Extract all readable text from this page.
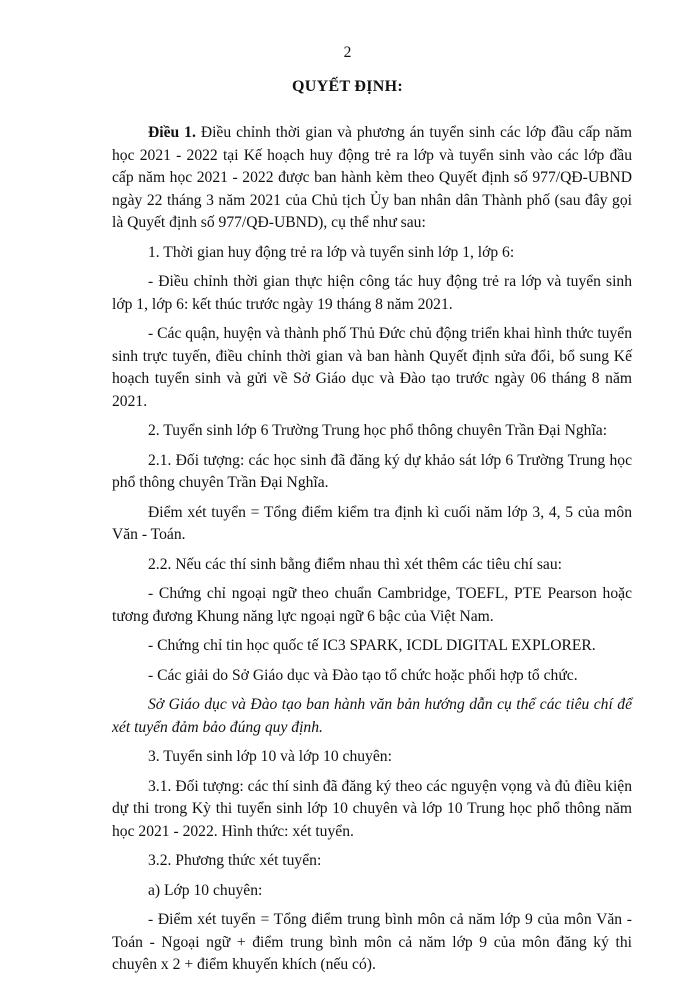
2
QUYẾT ĐỊNH:

Điều 1. Điều chỉnh thời gian và phương án tuyển sinh các lớp đầu cấp năm học 2021 - 2022 tại Kế hoạch huy động trẻ ra lớp và tuyển sinh vào các lớp đầu cấp năm học 2021 - 2022 được ban hành kèm theo Quyết định số 977/QĐ-UBND ngày 22 tháng 3 năm 2021 của Chủ tịch Ủy ban nhân dân Thành phố (sau đây gọi là Quyết định số 977/QĐ-UBND), cụ thể như sau:

1. Thời gian huy động trẻ ra lớp và tuyển sinh lớp 1, lớp 6:

- Điều chỉnh thời gian thực hiện công tác huy động trẻ ra lớp và tuyển sinh lớp 1, lớp 6: kết thúc trước ngày 19 tháng 8 năm 2021.

- Các quận, huyện và thành phố Thủ Đức chủ động triển khai hình thức tuyển sinh trực tuyến, điều chỉnh thời gian và ban hành Quyết định sửa đổi, bổ sung Kế hoạch tuyển sinh và gửi về Sở Giáo dục và Đào tạo trước ngày 06 tháng 8 năm 2021.

2. Tuyển sinh lớp 6 Trường Trung học phổ thông chuyên Trần Đại Nghĩa:

2.1. Đối tượng: các học sinh đã đăng ký dự khảo sát lớp 6 Trường Trung học phổ thông chuyên Trần Đại Nghĩa.

Điểm xét tuyển = Tổng điểm kiểm tra định kì cuối năm lớp 3, 4, 5 của môn Văn - Toán.

2.2. Nếu các thí sinh bằng điểm nhau thì xét thêm các tiêu chí sau:

- Chứng chỉ ngoại ngữ theo chuẩn Cambridge, TOEFL, PTE Pearson hoặc tương đương Khung năng lực ngoại ngữ 6 bậc của Việt Nam.

- Chứng chỉ tin học quốc tế IC3 SPARK, ICDL DIGITAL EXPLORER.

- Các giải do Sở Giáo dục và Đào tạo tổ chức hoặc phối hợp tổ chức.

Sở Giáo dục và Đào tạo ban hành văn bản hướng dẫn cụ thể các tiêu chí để xét tuyển đảm bảo đúng quy định.

3. Tuyển sinh lớp 10 và lớp 10 chuyên:

3.1. Đối tượng: các thí sinh đã đăng ký theo các nguyện vọng và đủ điều kiện dự thi trong Kỳ thi tuyển sinh lớp 10 chuyên và lớp 10 Trung học phổ thông năm học 2021 - 2022. Hình thức: xét tuyển.

3.2. Phương thức xét tuyển:

a) Lớp 10 chuyên:

- Điểm xét tuyển = Tổng điểm trung bình môn cả năm lớp 9 của môn Văn - Toán - Ngoại ngữ + điểm trung bình môn cả năm lớp 9 của môn đăng ký thi chuyên x 2 + điểm khuyến khích (nếu có).
